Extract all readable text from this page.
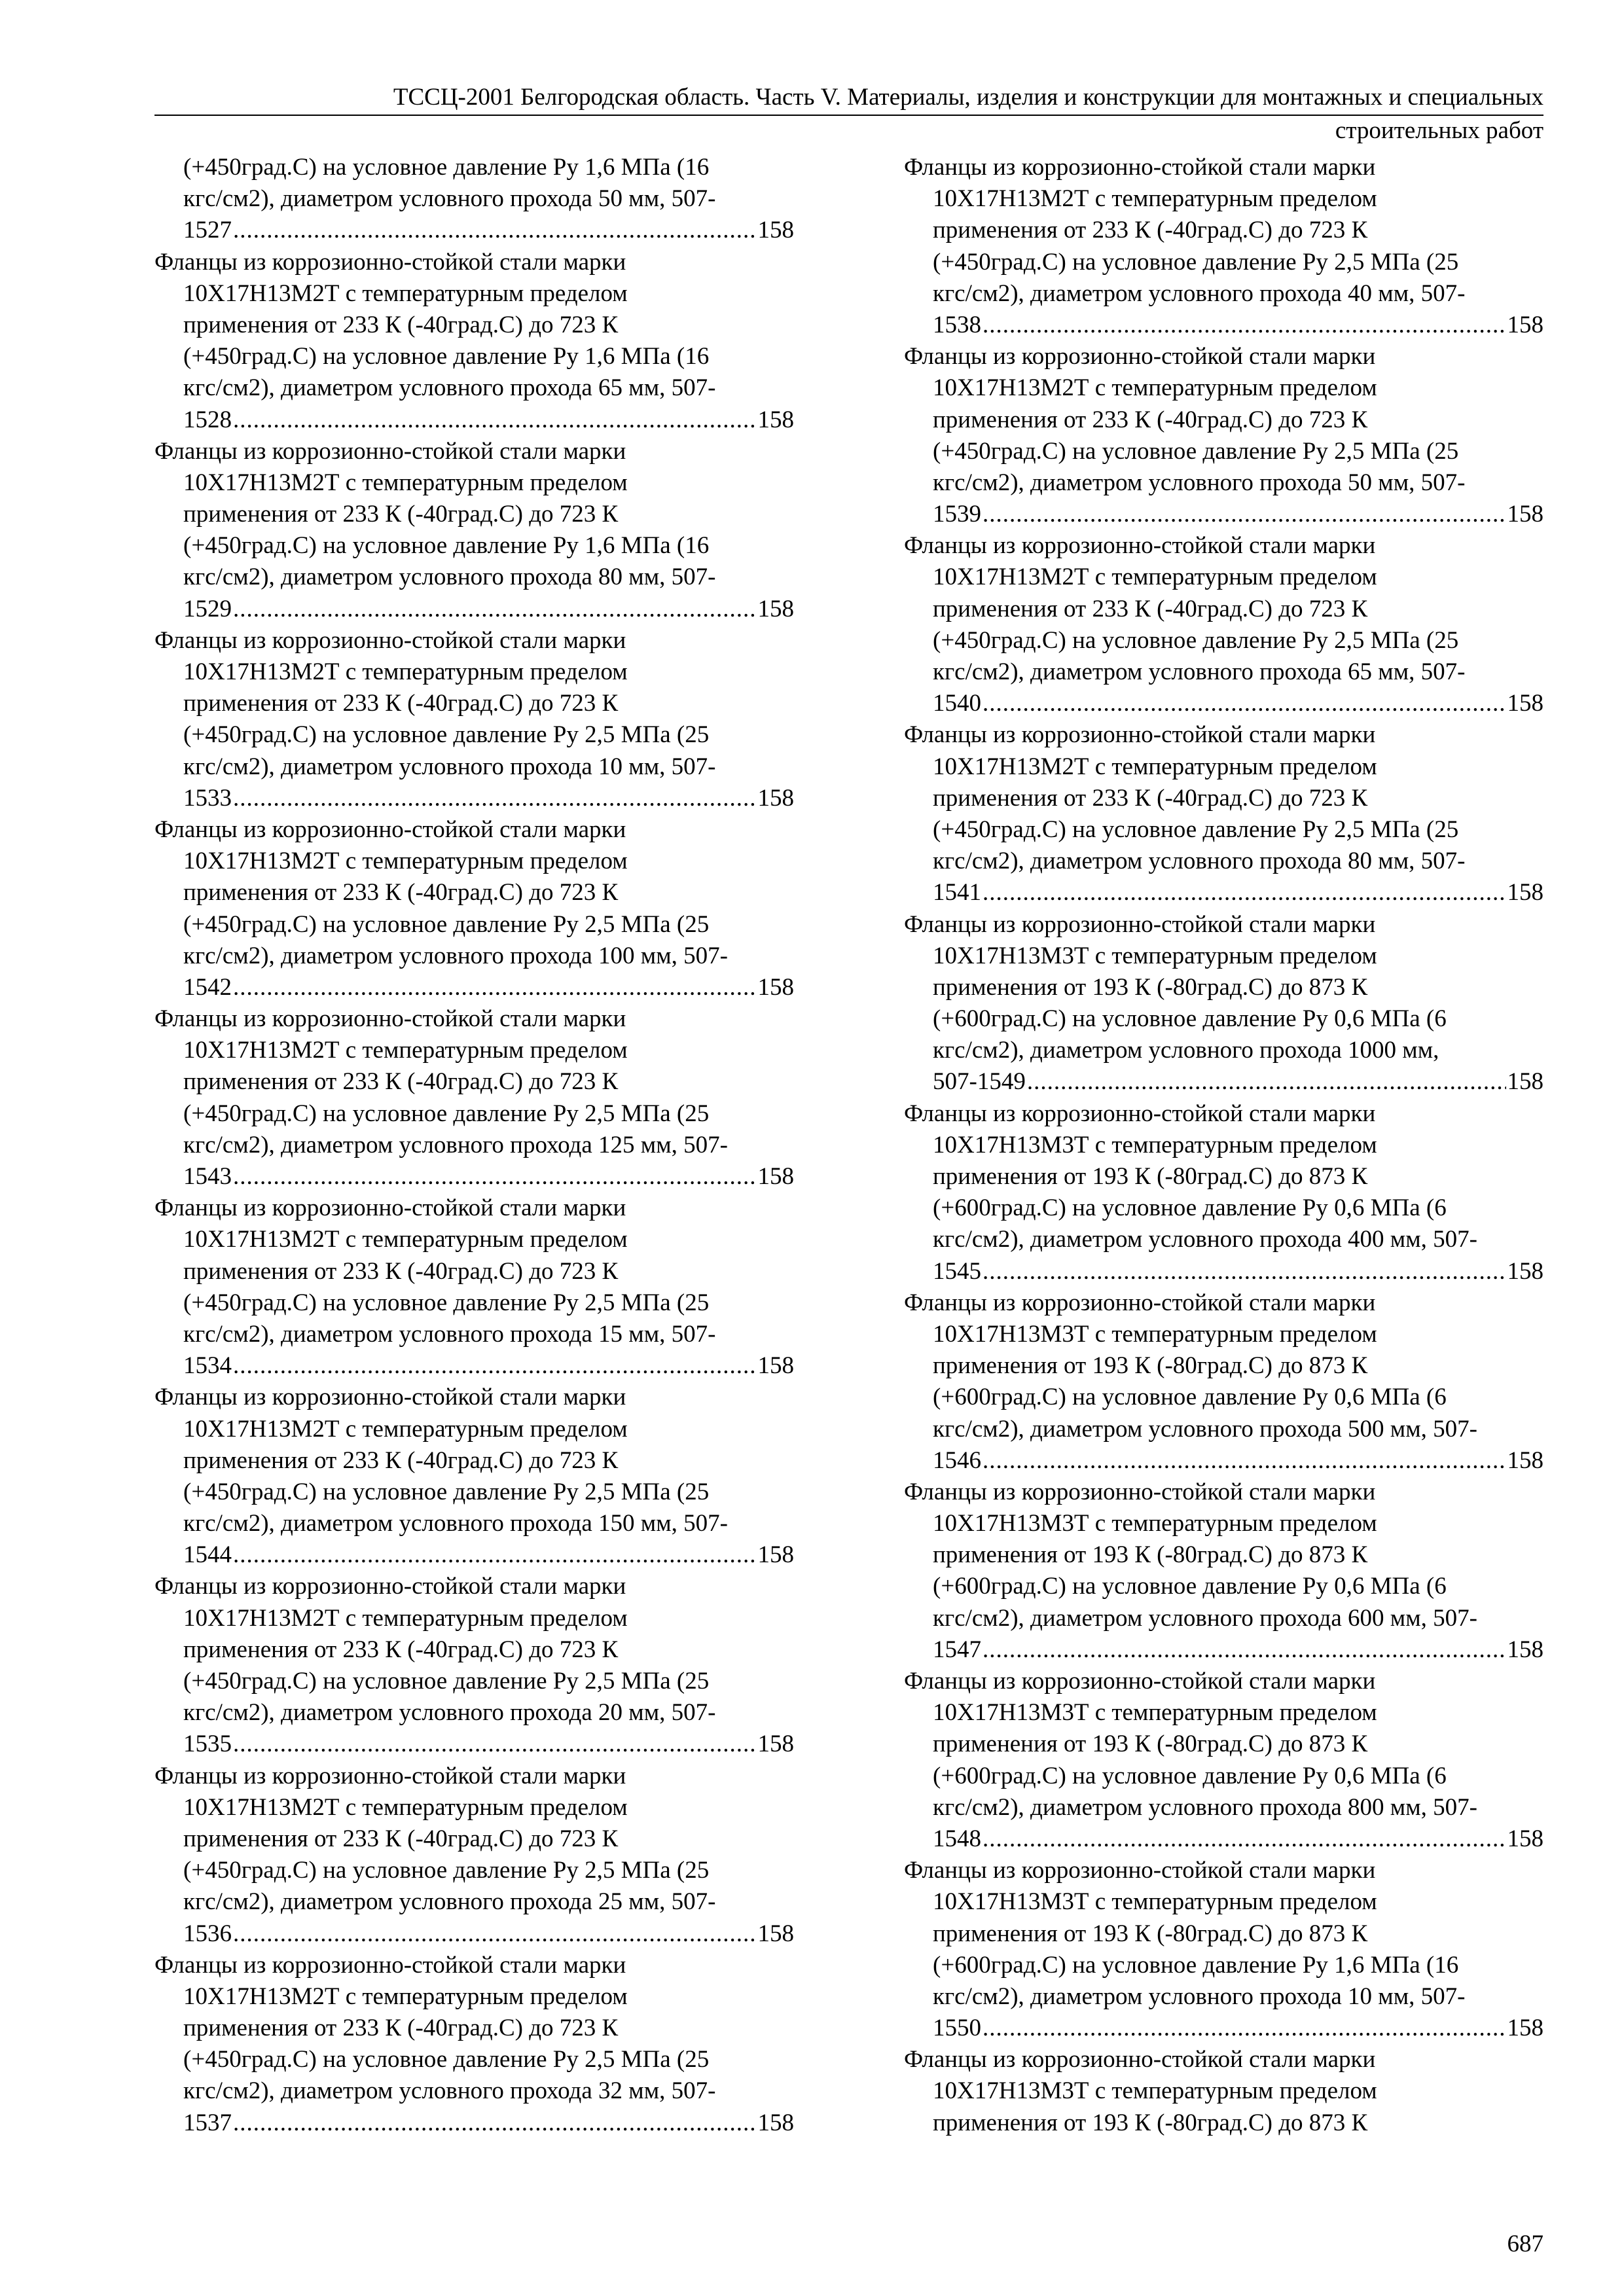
ТССЦ-2001 Белгородская область. Часть V. Материалы, изделия и конструкции для монтажных и специальных
строительных работ
(+450град.С) на условное давление Ру 1,6 МПа (16
кгс/см2), диаметром условного прохода 50 мм, 507-
1527 .....	158
Фланцы из коррозионно-стойкой стали марки
10Х17Н13М2Т с температурным пределом
применения от 233 К (-40град.С) до 723 К
(+450град.С) на условное давление Ру 1,6 МПа (16
кгс/см2), диаметром условного прохода 65 мм, 507-
1528 .....	158
Фланцы из коррозионно-стойкой стали марки
10Х17Н13М2Т с температурным пределом
применения от 233 К (-40град.С) до 723 К
(+450град.С) на условное давление Ру 1,6 МПа (16
кгс/см2), диаметром условного прохода 80 мм, 507-
1529 .....	158
Фланцы из коррозионно-стойкой стали марки
10Х17Н13М2Т с температурным пределом
применения от 233 К (-40град.С) до 723 К
(+450град.С) на условное давление Ру 2,5 МПа (25
кгс/см2), диаметром условного прохода 10 мм, 507-
1533 .....	158
Фланцы из коррозионно-стойкой стали марки
10Х17Н13М2Т с температурным пределом
применения от 233 К (-40град.С) до 723 К
(+450град.С) на условное давление Ру 2,5 МПа (25
кгс/см2), диаметром условного прохода 100 мм, 507-
1542 .....	158
Фланцы из коррозионно-стойкой стали марки
10Х17Н13М2Т с температурным пределом
применения от 233 К (-40град.С) до 723 К
(+450град.С) на условное давление Ру 2,5 МПа (25
кгс/см2), диаметром условного прохода 125 мм, 507-
1543 .....	158
Фланцы из коррозионно-стойкой стали марки
10Х17Н13М2Т с температурным пределом
применения от 233 К (-40град.С) до 723 К
(+450град.С) на условное давление Ру 2,5 МПа (25
кгс/см2), диаметром условного прохода 15 мм, 507-
1534 .....	158
Фланцы из коррозионно-стойкой стали марки
10Х17Н13М2Т с температурным пределом
применения от 233 К (-40град.С) до 723 К
(+450град.С) на условное давление Ру 2,5 МПа (25
кгс/см2), диаметром условного прохода 150 мм, 507-
1544 .....	158
Фланцы из коррозионно-стойкой стали марки
10Х17Н13М2Т с температурным пределом
применения от 233 К (-40град.С) до 723 К
(+450град.С) на условное давление Ру 2,5 МПа (25
кгс/см2), диаметром условного прохода 20 мм, 507-
1535 .....	158
Фланцы из коррозионно-стойкой стали марки
10Х17Н13М2Т с температурным пределом
применения от 233 К (-40град.С) до 723 К
(+450град.С) на условное давление Ру 2,5 МПа (25
кгс/см2), диаметром условного прохода 25 мм, 507-
1536 .....	158
Фланцы из коррозионно-стойкой стали марки
10Х17Н13М2Т с температурным пределом
применения от 233 К (-40град.С) до 723 К
(+450град.С) на условное давление Ру 2,5 МПа (25
кгс/см2), диаметром условного прохода 32 мм, 507-
1537 .....	158
Фланцы из коррозионно-стойкой стали марки
10Х17Н13М2Т с температурным пределом
применения от 233 К (-40град.С) до 723 К
(+450град.С) на условное давление Ру 2,5 МПа (25
кгс/см2), диаметром условного прохода 40 мм, 507-
1538 .....	158
Фланцы из коррозионно-стойкой стали марки
10Х17Н13М2Т с температурным пределом
применения от 233 К (-40град.С) до 723 К
(+450град.С) на условное давление Ру 2,5 МПа (25
кгс/см2), диаметром условного прохода 50 мм, 507-
1539 .....	158
Фланцы из коррозионно-стойкой стали марки
10Х17Н13М2Т с температурным пределом
применения от 233 К (-40град.С) до 723 К
(+450град.С) на условное давление Ру 2,5 МПа (25
кгс/см2), диаметром условного прохода 65 мм, 507-
1540 .....	158
Фланцы из коррозионно-стойкой стали марки
10Х17Н13М2Т с температурным пределом
применения от 233 К (-40град.С) до 723 К
(+450град.С) на условное давление Ру 2,5 МПа (25
кгс/см2), диаметром условного прохода 80 мм, 507-
1541 .....	158
Фланцы из коррозионно-стойкой стали марки
10Х17Н13М3Т с температурным пределом
применения от 193 К (-80град.С) до 873 К
(+600град.С) на условное давление Ру 0,6 МПа (6
кгс/см2), диаметром условного прохода 1000 мм,
507-1549 .....	158
Фланцы из коррозионно-стойкой стали марки
10Х17Н13М3Т с температурным пределом
применения от 193 К (-80град.С) до 873 К
(+600град.С) на условное давление Ру 0,6 МПа (6
кгс/см2), диаметром условного прохода 400 мм, 507-
1545 .....	158
Фланцы из коррозионно-стойкой стали марки
10Х17Н13М3Т с температурным пределом
применения от 193 К (-80град.С) до 873 К
(+600град.С) на условное давление Ру 0,6 МПа (6
кгс/см2), диаметром условного прохода 500 мм, 507-
1546 .....	158
Фланцы из коррозионно-стойкой стали марки
10Х17Н13М3Т с температурным пределом
применения от 193 К (-80град.С) до 873 К
(+600град.С) на условное давление Ру 0,6 МПа (6
кгс/см2), диаметром условного прохода 600 мм, 507-
1547 .....	158
Фланцы из коррозионно-стойкой стали марки
10Х17Н13М3Т с температурным пределом
применения от 193 К (-80град.С) до 873 К
(+600град.С) на условное давление Ру 0,6 МПа (6
кгс/см2), диаметром условного прохода 800 мм, 507-
1548 .....	158
Фланцы из коррозионно-стойкой стали марки
10Х17Н13М3Т с температурным пределом
применения от 193 К (-80град.С) до 873 К
(+600град.С) на условное давление Ру 1,6 МПа (16
кгс/см2), диаметром условного прохода 10 мм, 507-
1550 .....	158
Фланцы из коррозионно-стойкой стали марки
10Х17Н13М3Т с температурным пределом
применения от 193 К (-80град.С) до 873 К
687
